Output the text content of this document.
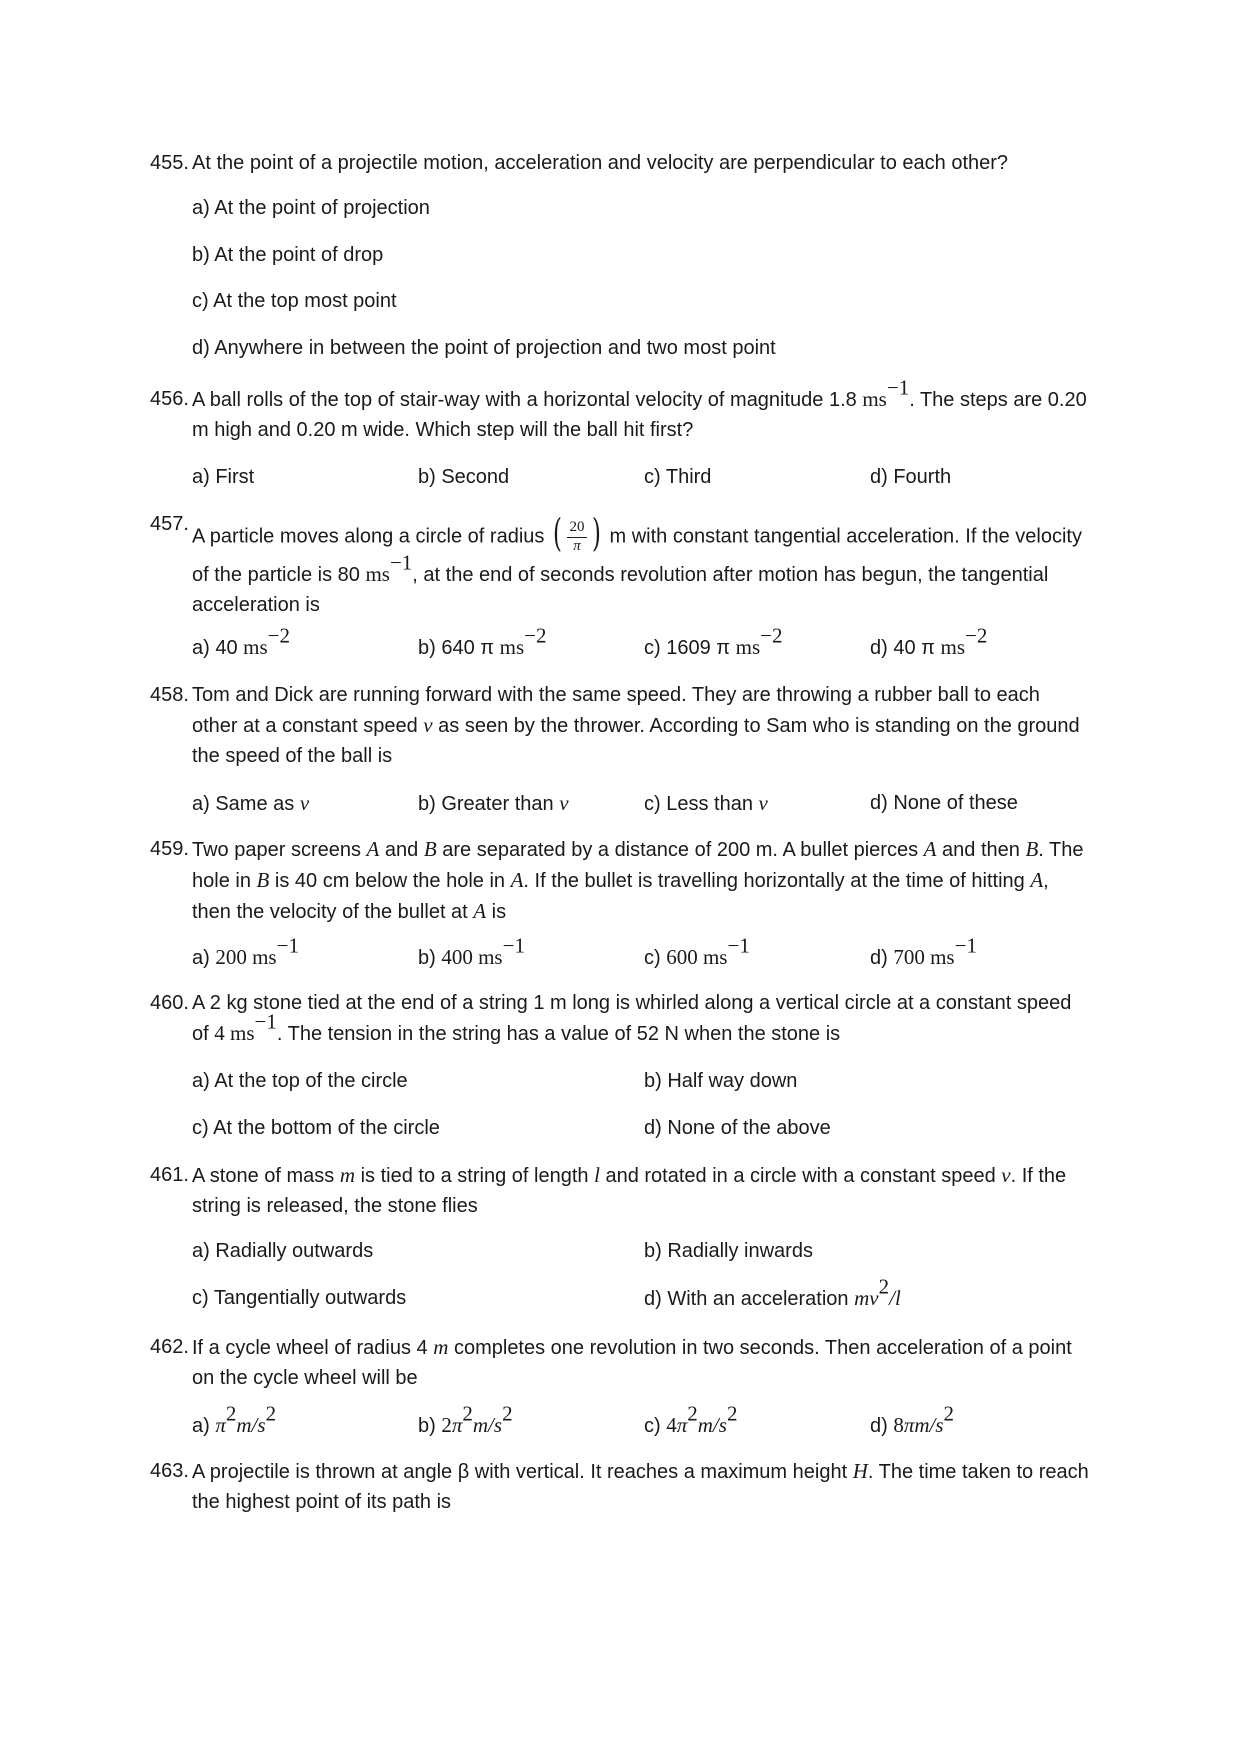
455. At the point of a projectile motion, acceleration and velocity are perpendicular to each other?
a) At the point of projection
b) At the point of drop
c) At the top most point
d) Anywhere in between the point of projection and two most point
456. A ball rolls of the top of stair-way with a horizontal velocity of magnitude 1.8 $ms^{-1}$. The steps are 0.20 m high and 0.20 m wide. Which step will the ball hit first?
a) First	b) Second	c) Third	d) Fourth
457.
A particle moves along a circle of radius ( 20
π ) m with constant tangential acceleration. If the velocity of the particle is 80 $ms^{-1}$, at the end of seconds revolution after motion has begun, the tangential acceleration is
a) 40 $ms^{-2}$
b) 640 π $ms^{-2}$
c) 1609 π $ms^{-2}$
d) 40 π $ms^{-2}$
458. Tom and Dick are running forward with the same speed. They are throwing a rubber ball to each other at a constant speed v as seen by the thrower. According to Sam who is standing on the ground the speed of the ball is
a) Same as v	b) Greater than v	c) Less than v	d) None of these
459. Two paper screens A and B are separated by a distance of 200 m. A bullet pierces A and then B. The hole in B is 40 cm below the hole in A. If the bullet is travelling horizontally at the time of hitting A, then the velocity of the bullet at A is
a) 200 $ms^{-1}$
b) 400 $ms^{-1}$
c) 600 $ms^{-1}$
d) 700 $ms^{-1}$
460. A 2 kg stone tied at the end of a string 1 m long is whirled along a vertical circle at a constant speed of 4 $ms^{-1}$. The tension in the string has a value of 52 N when the stone is
a) At the top of the circle	b) Half way down
c) At the bottom of the circle	d) None of the above
461. A stone of mass m is tied to a string of length l and rotated in a circle with a constant speed v. If the string is released, the stone flies
a) Radially outwards	b) Radially inwards
c) Tangentially outwards	d) With an acceleration $mv^2/l$
462. If a cycle wheel of radius 4 m completes one revolution in two seconds. Then acceleration of a point on the cycle wheel will be
a) $\pi^2m/s^2$
b) $2\pi^2m/s^2$
c) $4\pi^2m/s^2$
d) $8\pi m/s^2$
463. A projectile is thrown at angle β with vertical. It reaches a maximum height H. The time taken to reach the highest point of its path is
